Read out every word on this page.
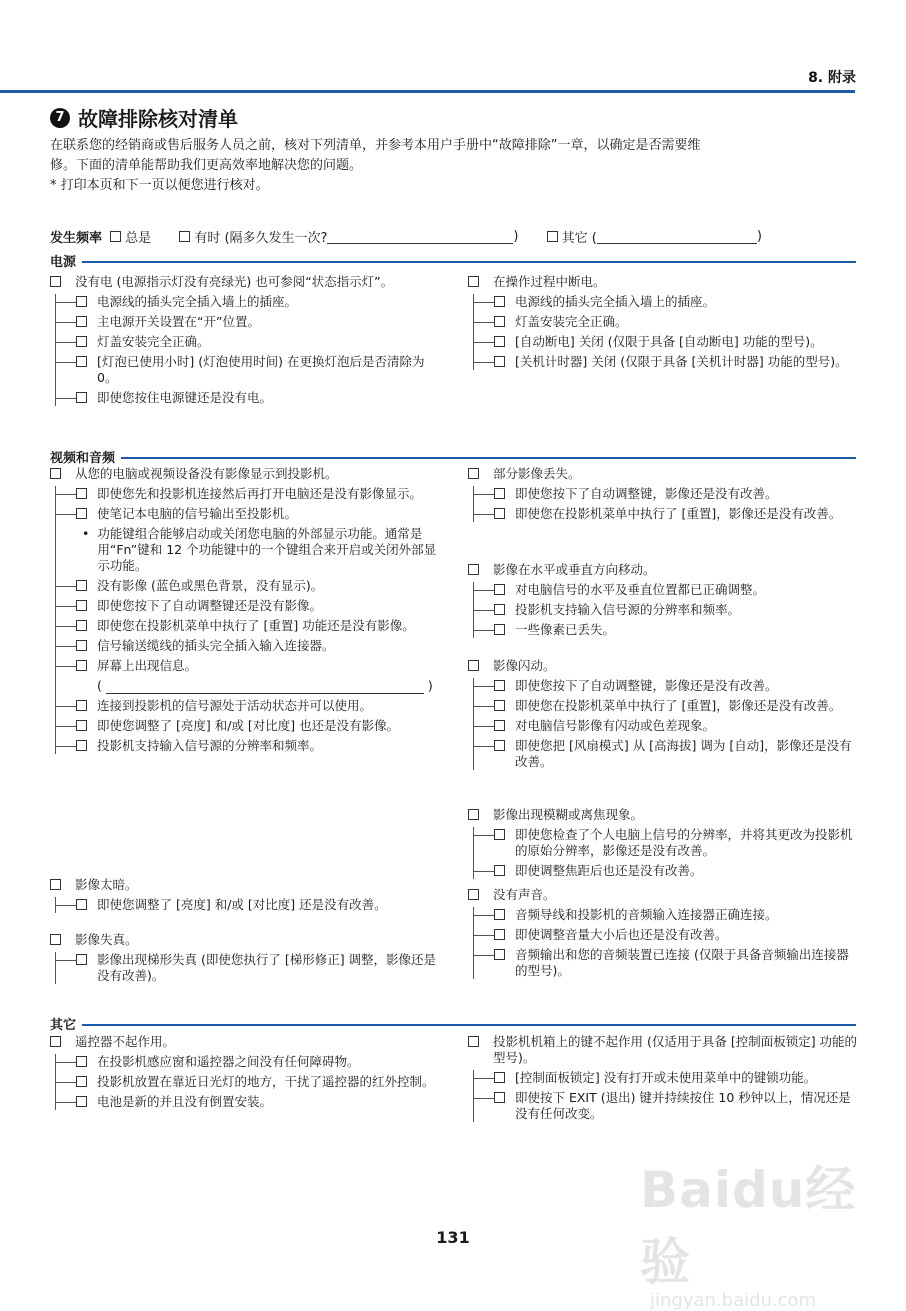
8. 附录
7 故障排除核对清单
在联系您的经销商或售后服务人员之前，核对下列清单，并参考本用户手册中“故障排除”一章，以确定是否需要维
修。下面的清单能帮助我们更高效率地解决您的问题。
* 打印本页和下一页以便您进行核对。
发生频率
总是
	有时 (隔多久发生一次?	)
	其它 (	)
电源
没有电 (电源指示灯没有亮绿光) 也可参阅“状态指示灯”。
电源线的插头完全插入墙上的插座。
主电源开关设置在“开”位置。
灯盖安装完全正确。
[灯泡已使用小时] (灯泡使用时间) 在更换灯泡后是否清除为 0。
即使您按住电源键还是没有电。
在操作过程中断电。
电源线的插头完全插入墙上的插座。
灯盖安装完全正确。
[自动断电] 关闭 (仅限于具备 [自动断电] 功能的型号)。
[关机计时器] 关闭 (仅限于具备 [关机计时器] 功能的型号)。
视频和音频
从您的电脑或视频设备没有影像显示到投影机。
即使您先和投影机连接然后再打开电脑还是没有影像显示。
使笔记本电脑的信号输出至投影机。
• 功能键组合能够启动或关闭您电脑的外部显示功能。通常是用“Fn”键和 12 个功能键中的一个键组合来开启或关闭外部显示功能。
没有影像 (蓝色或黑色背景，没有显示)。
即使您按下了自动调整键还是没有影像。
即使您在投影机菜单中执行了 [重置] 功能还是没有影像。
信号输送缆线的插头完全插入输入连接器。
屏幕上出现信息。
(	)
连接到投影机的信号源处于活动状态并可以使用。
即使您调整了 [亮度] 和/或 [对比度] 也还是没有影像。
投影机支持输入信号源的分辨率和频率。
影像太暗。
即使您调整了 [亮度] 和/或 [对比度] 还是没有改善。
影像失真。
影像出现梯形失真 (即使您执行了 [梯形修正] 调整，影像还是没有改善)。
部分影像丢失。
即使您按下了自动调整键，影像还是没有改善。
即使您在投影机菜单中执行了 [重置]，影像还是没有改善。
影像在水平或垂直方向移动。
对电脑信号的水平及垂直位置都已正确调整。
投影机支持输入信号源的分辨率和频率。
一些像素已丢失。
影像闪动。
即使您按下了自动调整键，影像还是没有改善。
即使您在投影机菜单中执行了 [重置]，影像还是没有改善。
对电脑信号影像有闪动或色差现象。
即使您把 [风扇模式] 从 [高海拔] 调为 [自动]，影像还是没有改善。
影像出现模糊或离焦现象。
即使您检查了个人电脑上信号的分辨率，并将其更改为投影机的原始分辨率，影像还是没有改善。
即使调整焦距后也还是没有改善。
没有声音。
音频导线和投影机的音频输入连接器正确连接。
即使调整音量大小后也还是没有改善。
音频输出和您的音频装置已连接 (仅限于具备音频输出连接器的型号)。
其它
遥控器不起作用。
在投影机感应窗和遥控器之间没有任何障碍物。
投影机放置在靠近日光灯的地方，干扰了遥控器的红外控制。
电池是新的并且没有倒置安装。
投影机机箱上的键不起作用 (仅适用于具备 [控制面板锁定] 功能的型号)。
[控制面板锁定] 没有打开或未使用菜单中的键锁功能。
即使按下 EXIT (退出) 键并持续按住 10 秒钟以上，情况还是没有任何改变。
Baidu经验
jingyan.baidu.com
131
